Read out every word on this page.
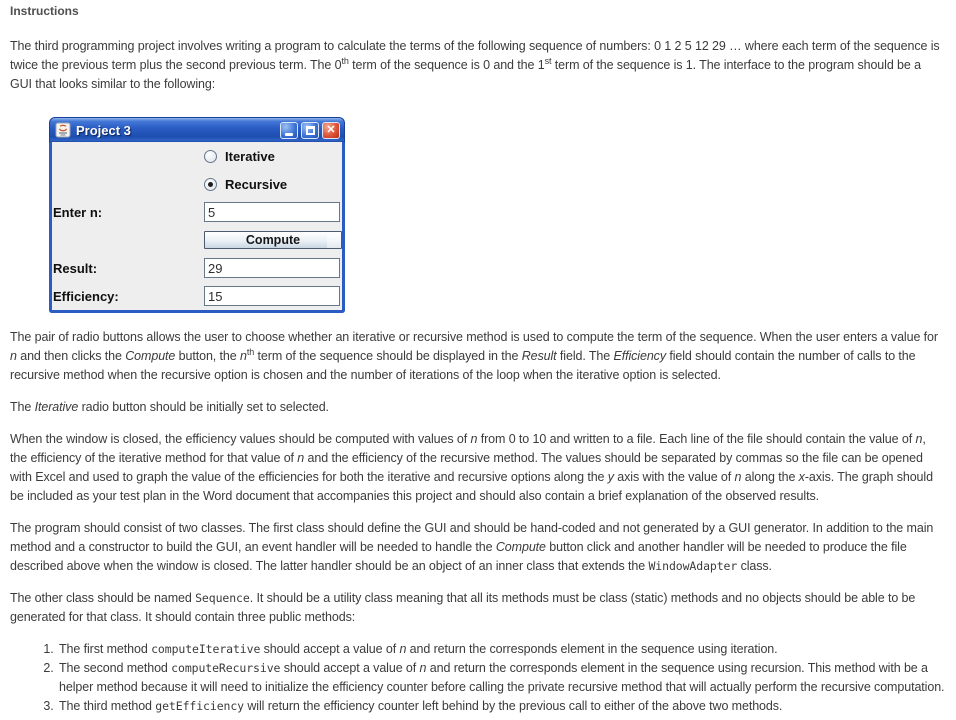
Instructions

The third programming project involves writing a program to calculate the terms of the following sequence of numbers: 0 1 2 5 12 29 … where each term of the sequence is twice the previous term plus the second previous term. The 0th term of the sequence is 0 and the 1st term of the sequence is 1. The interface to the program should be a GUI that looks similar to the following:

Project 3	✕
Iterative
Recursive
Enter n:
5
Compute
Result:
29
Efficiency:
15

The pair of radio buttons allows the user to choose whether an iterative or recursive method is used to compute the term of the sequence. When the user enters a value for n and then clicks the Compute button, the $n^{th}$ term of the sequence should be displayed in the Result field. The Efficiency field should contain the number of calls to the recursive method when the recursive option is chosen and the number of iterations of the loop when the iterative option is selected.

The Iterative radio button should be initially set to selected.

When the window is closed, the efficiency values should be computed with values of n from 0 to 10 and written to a file. Each line of the file should contain the value of n, the efficiency of the iterative method for that value of n and the efficiency of the recursive method. The values should be separated by commas so the file can be opened with Excel and used to graph the value of the efficiencies for both the iterative and recursive options along the y axis with the value of n along the x-axis. The graph should be included as your test plan in the Word document that accompanies this project and should also contain a brief explanation of the observed results.

The program should consist of two classes. The first class should define the GUI and should be hand-coded and not generated by a GUI generator. In addition to the main method and a constructor to build the GUI, an event handler will be needed to handle the Compute button click and another handler will be needed to produce the file described above when the window is closed. The latter handler should be an object of an inner class that extends the WindowAdapter class.

The other class should be named Sequence. It should be a utility class meaning that all its methods must be class (static) methods and no objects should be able to be generated for that class. It should contain three public methods:

1. The first method computeIterative should accept a value of n and return the corresponds element in the sequence using iteration.
2. The second method computeRecursive should accept a value of n and return the corresponds element in the sequence using recursion. This method with be a helper method because it will need to initialize the efficiency counter before calling the private recursive method that will actually perform the recursive computation.
3. The third method getEfficiency will return the efficiency counter left behind by the previous call to either of the above two methods.
